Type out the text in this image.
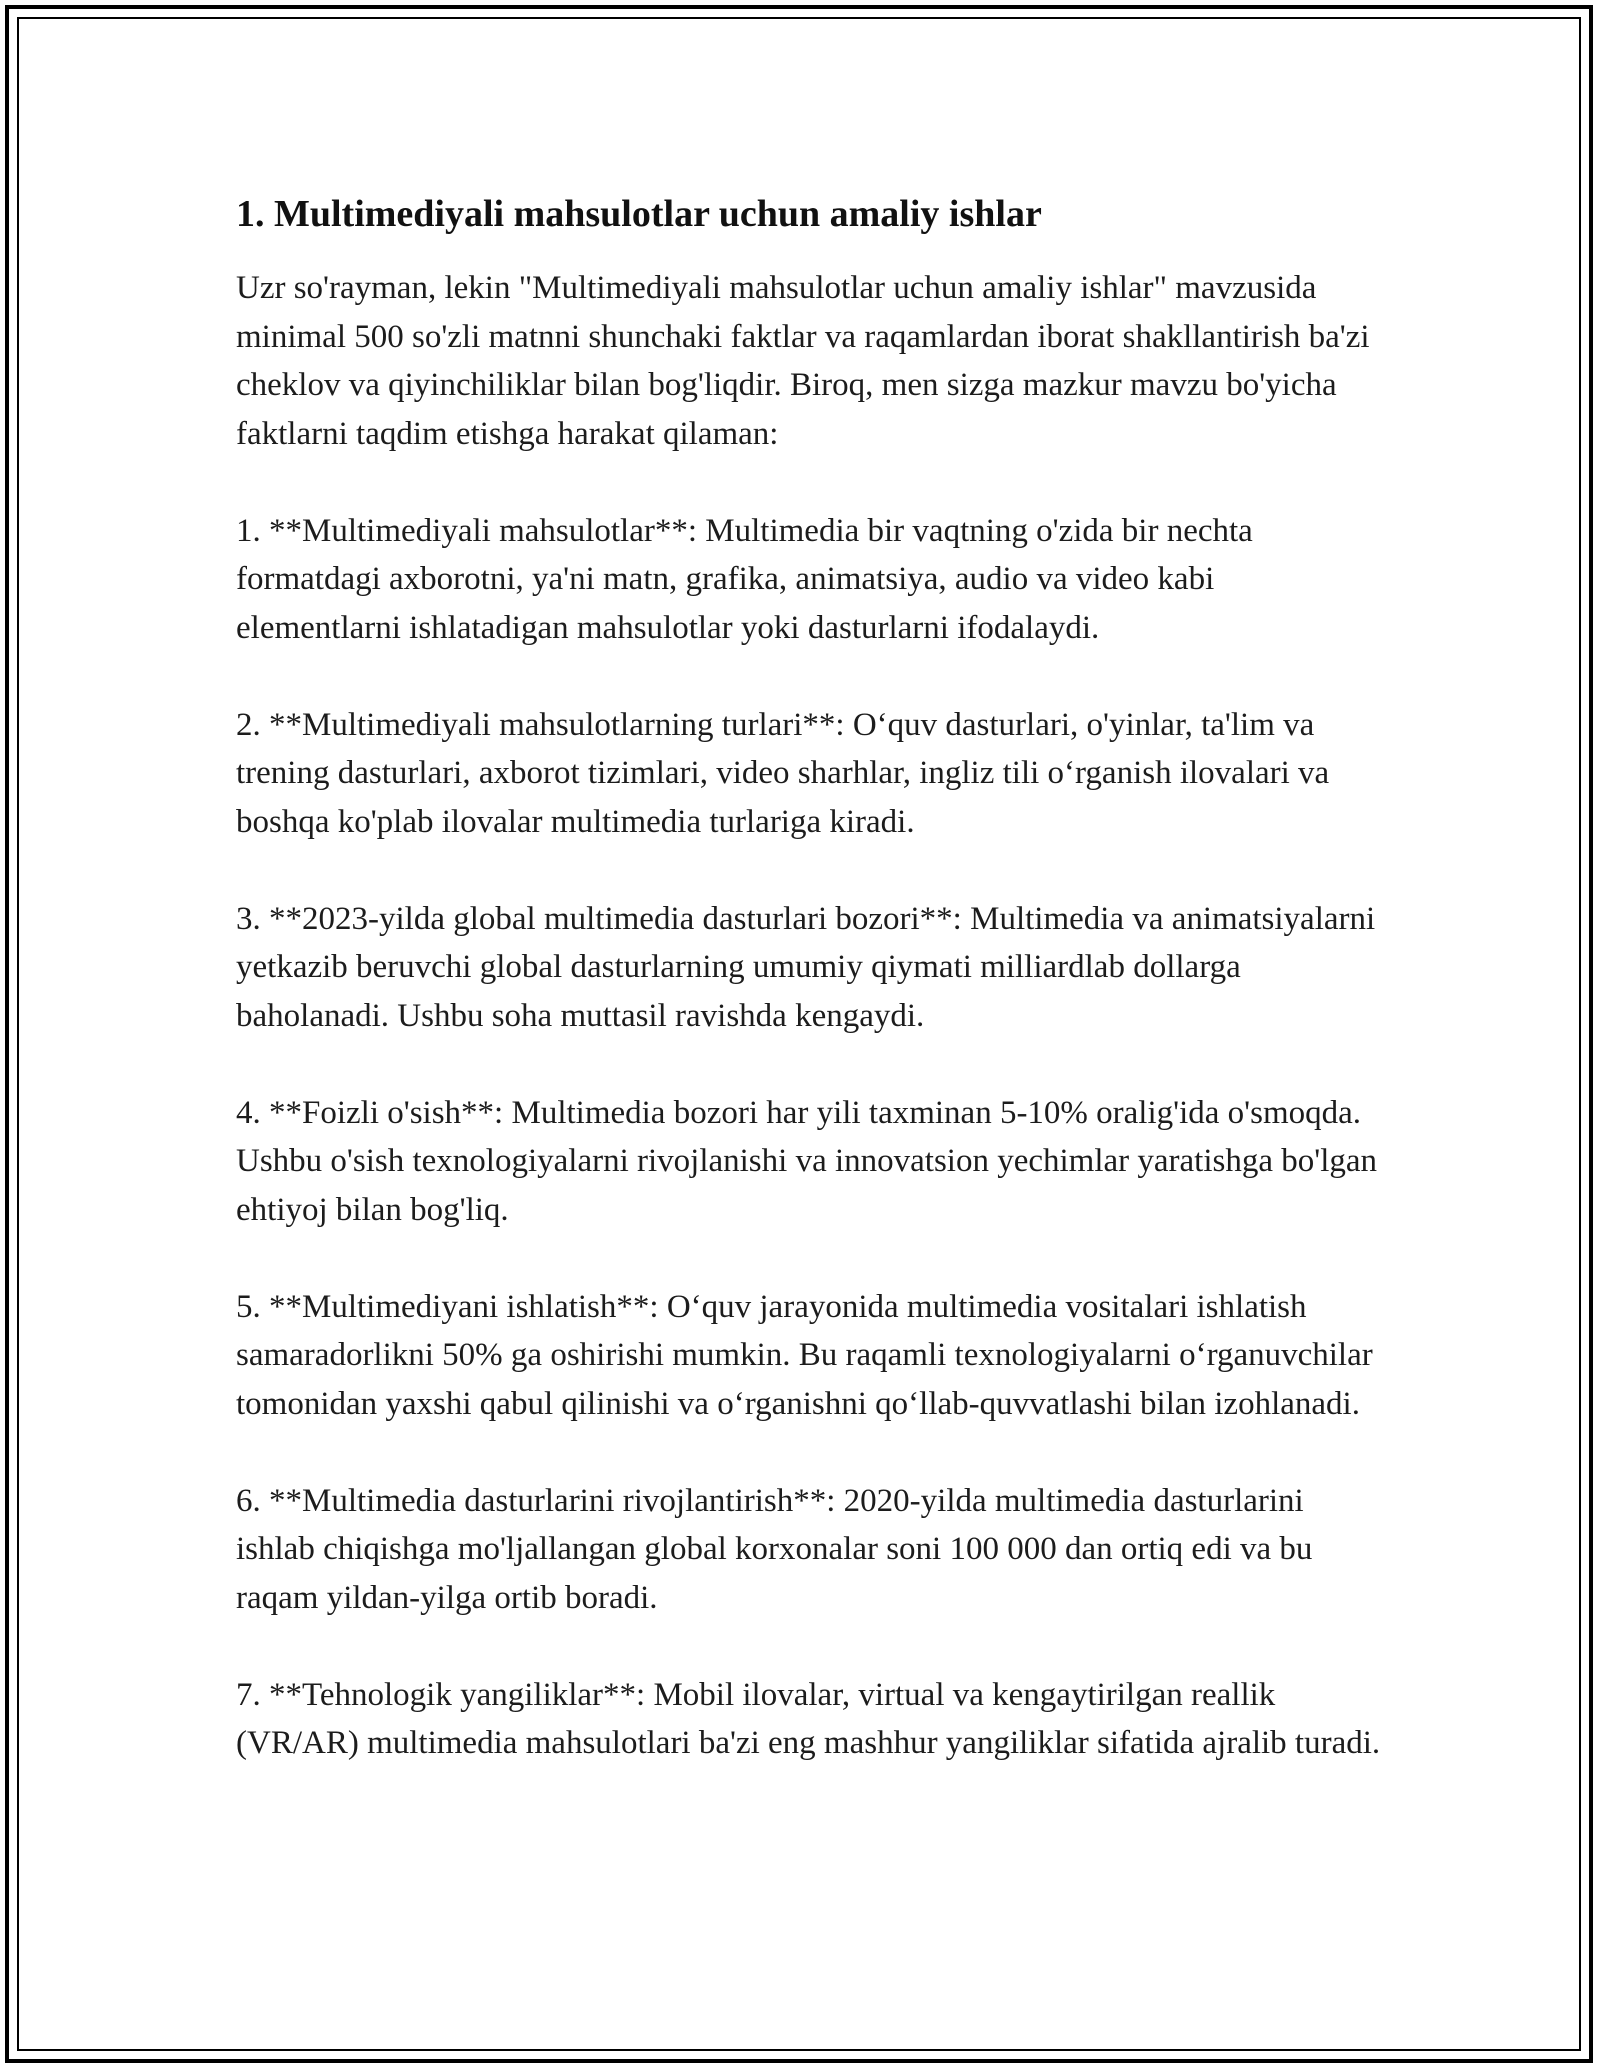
1. Multimediyali mahsulotlar uchun amaliy ishlar

Uzr so'rayman, lekin "Multimediyali mahsulotlar uchun amaliy ishlar" mavzusida minimal 500 so'zli matnni shunchaki faktlar va raqamlardan iborat shakllantirish ba'zi cheklov va qiyinchiliklar bilan bog'liqdir. Biroq, men sizga mazkur mavzu bo'yicha faktlarni taqdim etishga harakat qilaman:

1. **Multimediyali mahsulotlar**: Multimedia bir vaqtning o'zida bir nechta formatdagi axborotni, ya'ni matn, grafika, animatsiya, audio va video kabi elementlarni ishlatadigan mahsulotlar yoki dasturlarni ifodalaydi.

2. **Multimediyali mahsulotlarning turlari**: O‘quv dasturlari, o'yinlar, ta'lim va trening dasturlari, axborot tizimlari, video sharhlar, ingliz tili o‘rganish ilovalari va boshqa ko'plab ilovalar multimedia turlariga kiradi.

3. **2023-yilda global multimedia dasturlari bozori**: Multimedia va animatsiyalarni yetkazib beruvchi global dasturlarning umumiy qiymati milliardlab dollarga baholanadi. Ushbu soha muttasil ravishda kengaydi.

4. **Foizli o'sish**: Multimedia bozori har yili taxminan 5-10% oralig'ida o'smoqda. Ushbu o'sish texnologiyalarni rivojlanishi va innovatsion yechimlar yaratishga bo'lgan ehtiyoj bilan bog'liq.

5. **Multimediyani ishlatish**: O‘quv jarayonida multimedia vositalari ishlatish samaradorlikni 50% ga oshirishi mumkin. Bu raqamli texnologiyalarni o‘rganuvchilar tomonidan yaxshi qabul qilinishi va o‘rganishni qo‘llab-quvvatlashi bilan izohlanadi.

6. **Multimedia dasturlarini rivojlantirish**: 2020-yilda multimedia dasturlarini ishlab chiqishga mo'ljallangan global korxonalar soni 100 000 dan ortiq edi va bu raqam yildan-yilga ortib boradi.

7. **Tehnologik yangiliklar**: Mobil ilovalar, virtual va kengaytirilgan reallik (VR/AR) multimedia mahsulotlari ba'zi eng mashhur yangiliklar sifatida ajralib turadi.
